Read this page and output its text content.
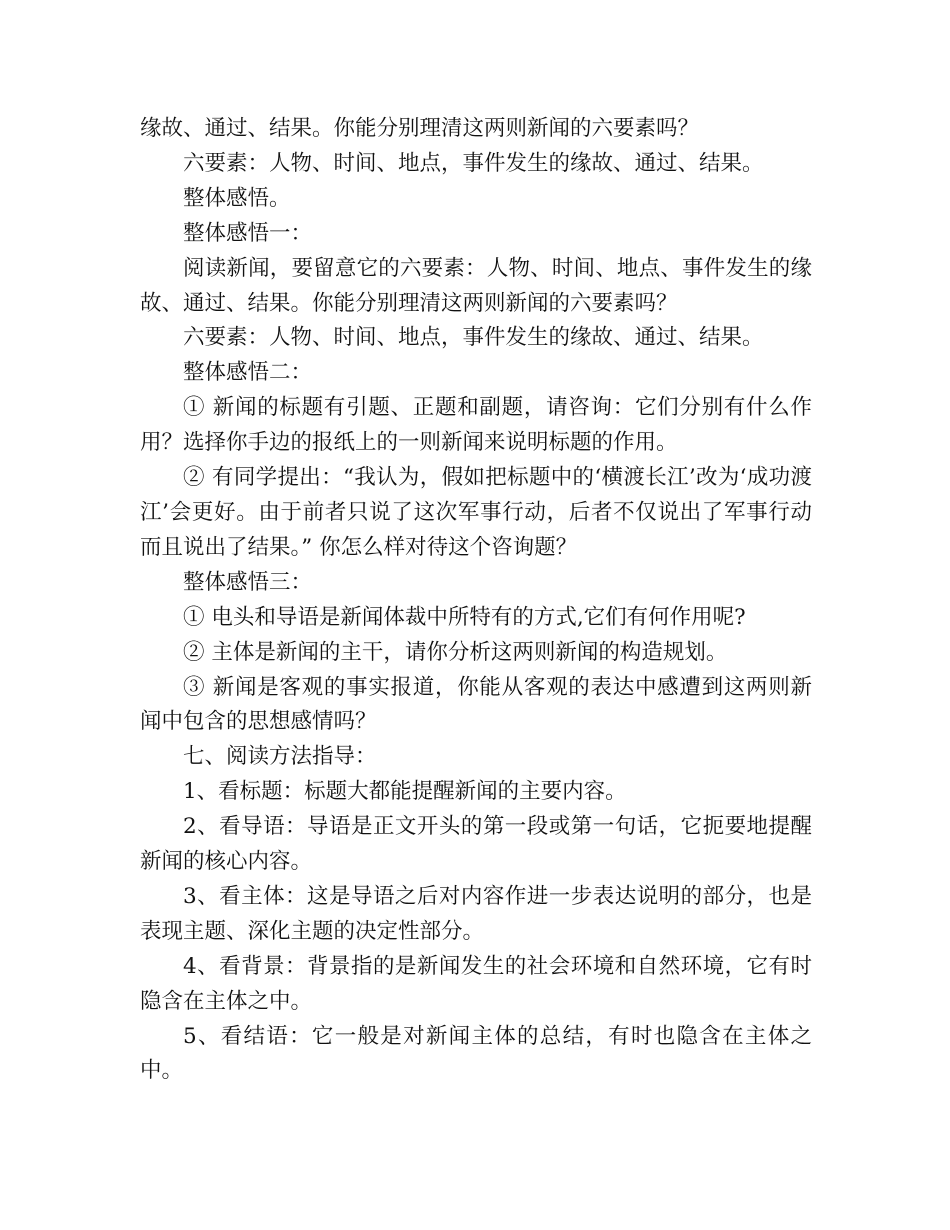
缘故、通过、结果。你能分别理清这两则新闻的六要素吗？

六要素：人物、时间、地点，事件发生的缘故、通过、结果。

整体感悟。

整体感悟一：

阅读新闻，要留意它的六要素：人物、时间、地点、事件发生的缘故、通过、结果。你能分别理清这两则新闻的六要素吗？

六要素：人物、时间、地点，事件发生的缘故、通过、结果。

整体感悟二：

① 新闻的标题有引题、正题和副题，请咨询：它们分别有什么作用？选择你手边的报纸上的一则新闻来说明标题的作用。

② 有同学提出：“我认为，假如把标题中的‘横渡长江’改为‘成功渡江’会更好。由于前者只说了这次军事行动，后者不仅说出了军事行动而且说出了结果。” 你怎么样对待这个咨询题？

整体感悟三：

① 电头和导语是新闻体裁中所特有的方式,它们有何作用呢?

② 主体是新闻的主干，请你分析这两则新闻的构造规划。

③ 新闻是客观的事实报道，你能从客观的表达中感遭到这两则新闻中包含的思想感情吗？

七、阅读方法指导：

1、看标题：标题大都能提醒新闻的主要内容。

2、看导语：导语是正文开头的第一段或第一句话，它扼要地提醒新闻的核心内容。

3、看主体：这是导语之后对内容作进一步表达说明的部分，也是表现主题、深化主题的决定性部分。

4、看背景：背景指的是新闻发生的社会环境和自然环境，它有时隐含在主体之中。

5、看结语：它一般是对新闻主体的总结，有时也隐含在主体之中。
